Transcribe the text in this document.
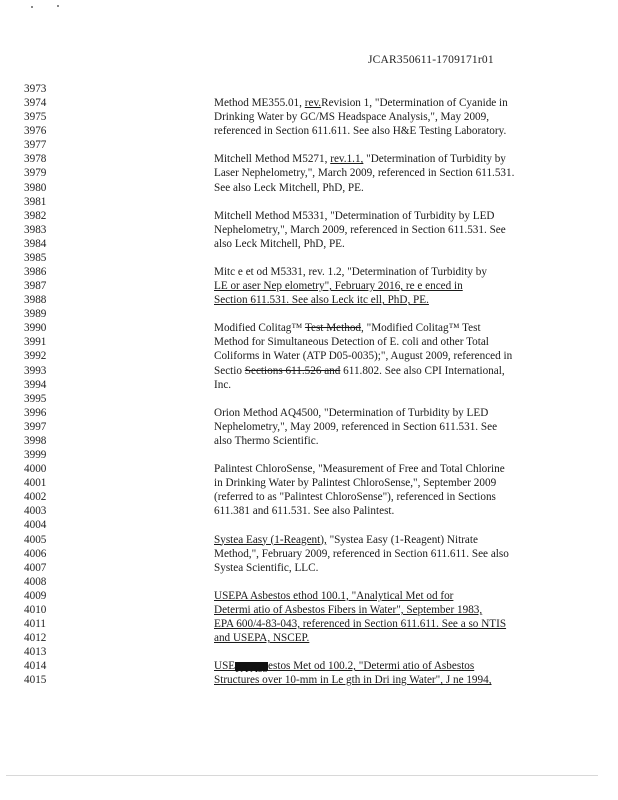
JCAR350611-1709171r01
3973
3974	Method ME355.01, rev.Revision 1, "Determination of Cyanide in
3975	Drinking Water by GC/MS Headspace Analysis,", May 2009,
3976	referenced in Section 611.611. See also H&E Testing Laboratory.
3977
3978	Mitchell Method M5271, rev.1.1, "Determination of Turbidity by
3979	Laser Nephelometry,", March 2009, referenced in Section 611.531.
3980	See also Leck Mitchell, PhD, PE.
3981
3982	Mitchell Method M5331, "Determination of Turbidity by LED
3983	Nephelometry,", March 2009, referenced in Section 611.531. See
3984	also Leck Mitchell, PhD, PE.
3985
3986	Mitc e et od M5331, rev. 1.2, "Determination of Turbidity by
3987	LE or aser Nep elometry", February 2016, re e enced in
3988	Section 611.531. See also Leck itc ell, PhD, PE.
3989
3990	Modified Colitag™ Test Method, "Modified Colitag™ Test
3991	Method for Simultaneous Detection of E. coli and other Total
3992	Coliforms in Water (ATP D05-0035);", August 2009, referenced in
3993	Sectio Sections 611.526 and 611.802. See also CPI International,
3994	Inc.
3995
3996	Orion Method AQ4500, "Determination of Turbidity by LED
3997	Nephelometry,", May 2009, referenced in Section 611.531. See
3998	also Thermo Scientific.
3999
4000	Palintest ChloroSense, "Measurement of Free and Total Chlorine
4001	in Drinking Water by Palintest ChloroSense,", September 2009
4002	(referred to as "Palintest ChloroSense"), referenced in Sections
4003	611.381 and 611.531. See also Palintest.
4004
4005	Systea Easy (1-Reagent), "Systea Easy (1-Reagent) Nitrate
4006	Method,", February 2009, referenced in Section 611.611. See also
4007	Systea Scientific, LLC.
4008
4009	USEPA Asbestos ethod 100.1, "Analytical Met od for
4010	Determi atio of Asbestos Fibers in Water", September 1983,
4011	EPA 600/4-83-043, referenced in Section 611.611. See a so NTIS
4012	and USEPA, NSCEP.
4013
4014	USEPA Asbestos Met od 100.2, "Determi atio of Asbestos
4015	Structures over 10-mm in Le gth in Dri ing Water", J ne 1994,
